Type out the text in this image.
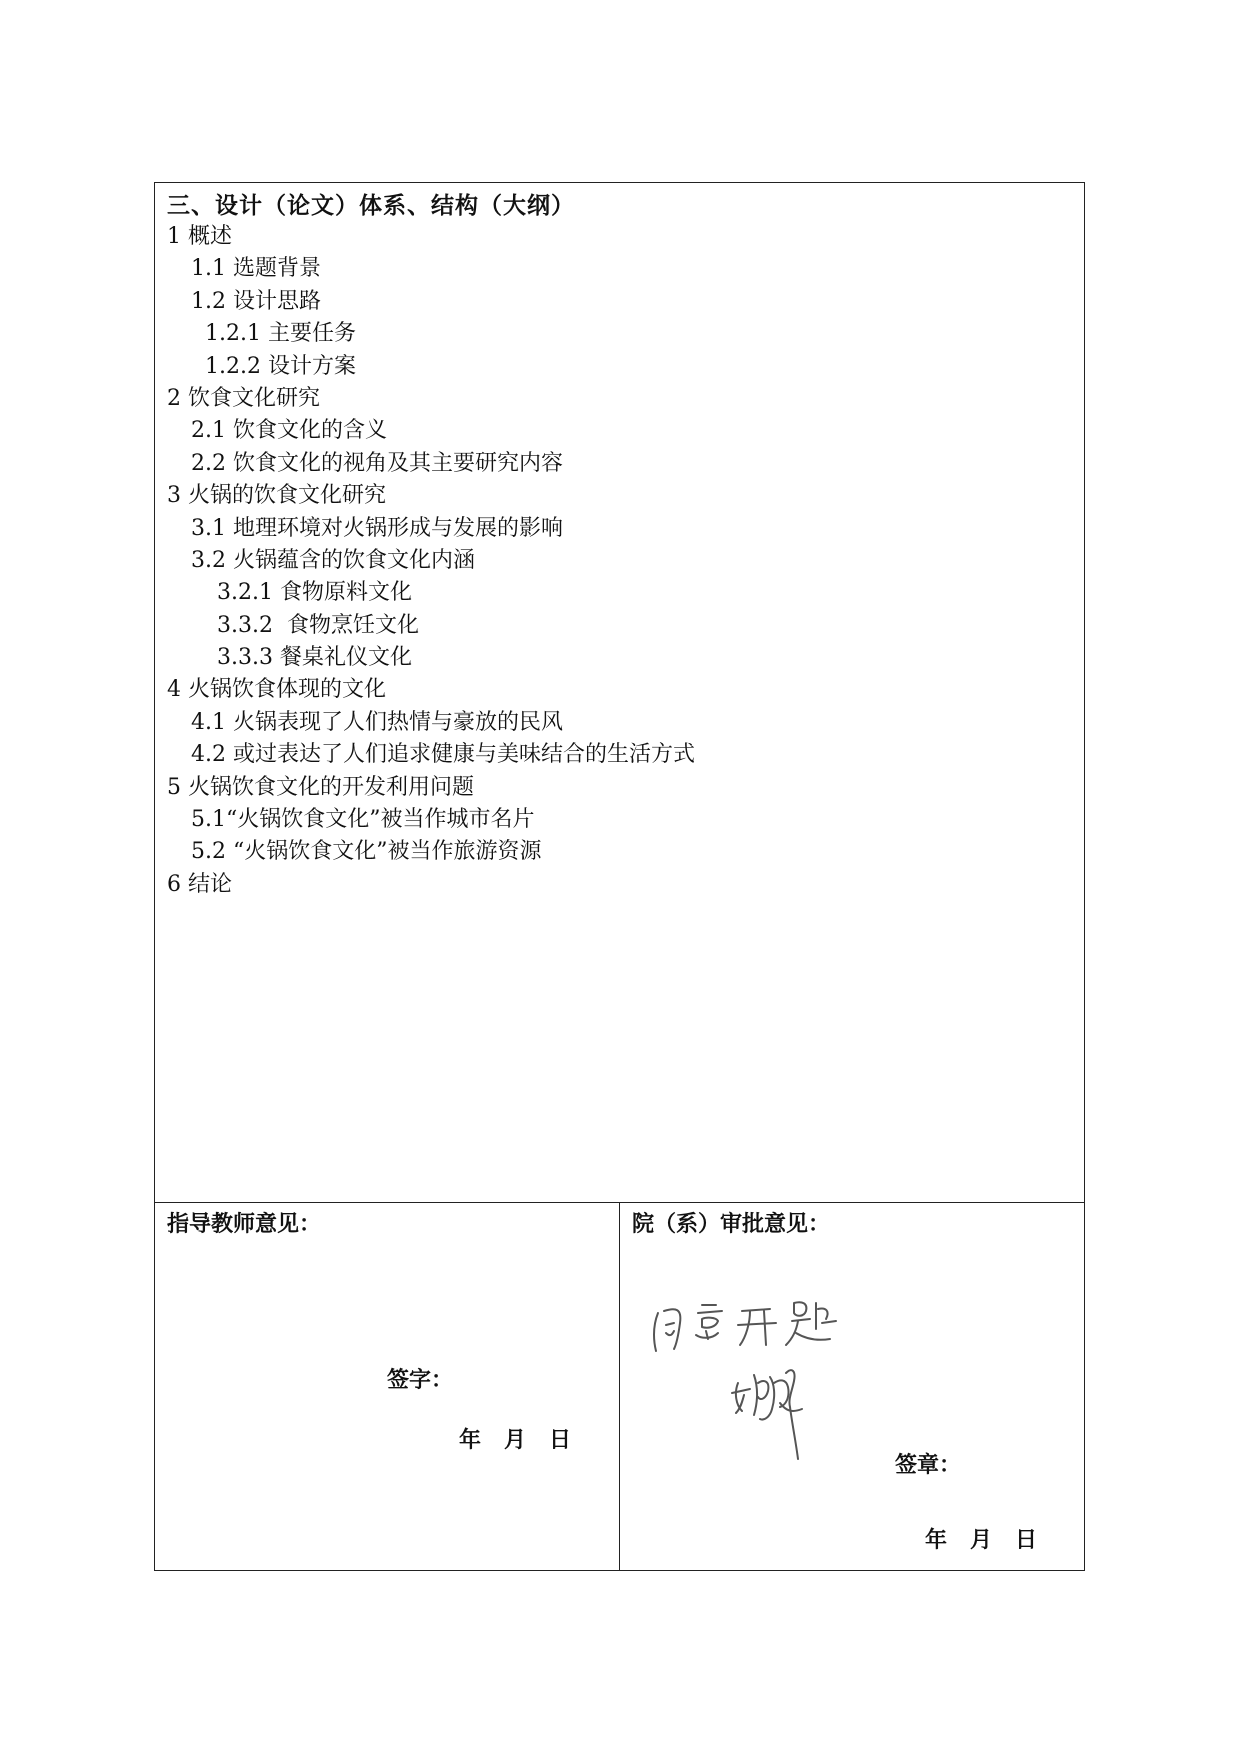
三、设计（论文）体系、结构（大纲）
1 概述
1.1 选题背景
1.2 设计思路
1.2.1 主要任务
1.2.2 设计方案
2 饮食文化研究
2.1 饮食文化的含义
2.2 饮食文化的视角及其主要研究内容
3 火锅的饮食文化研究
3.1 地理环境对火锅形成与发展的影响
3.2 火锅蕴含的饮食文化内涵
3.2.1 食物原料文化
3.3.2  食物烹饪文化
3.3.3 餐桌礼仪文化
4 火锅饮食体现的文化
4.1 火锅表现了人们热情与豪放的民风
4.2 或过表达了人们追求健康与美味结合的生活方式
5 火锅饮食文化的开发利用问题
5.1“火锅饮食文化”被当作城市名片
5.2 “火锅饮食文化”被当作旅游资源
6 结论
指导教师意见：
签字：
年   月   日
院（系）审批意见：
签章：
年   月   日
